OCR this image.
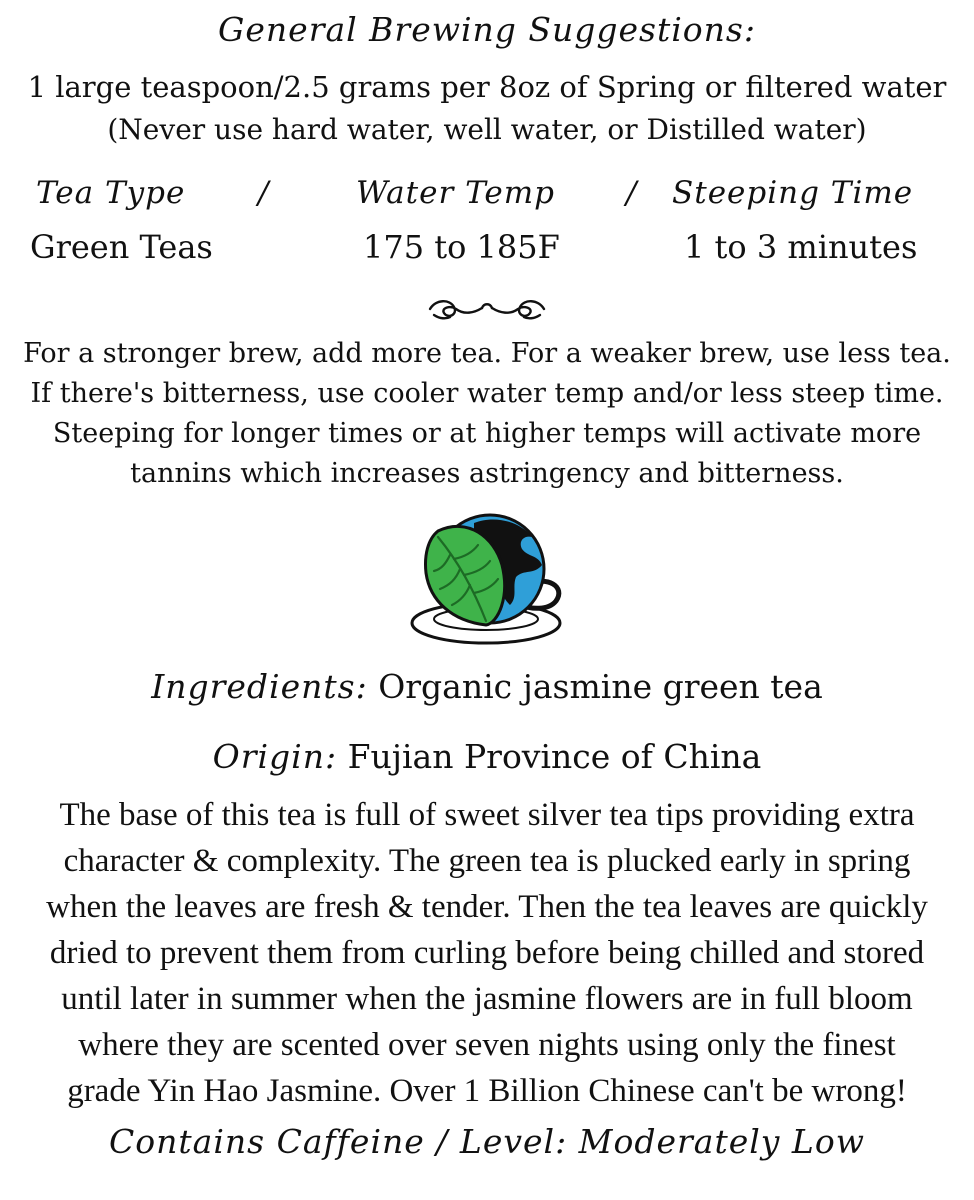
General Brewing Suggestions:
1 large teaspoon/2.5 grams per 8oz of Spring or filtered water
(Never use hard water, well water, or Distilled water)
Tea Type /	Water Temp / Steeping Time
Green Teas	175 to 185F	1 to 3 minutes
For a stronger brew, add more tea. For a weaker brew, use less tea.
If there's bitterness, use cooler water temp and/or less steep time.
Steeping for longer times or at higher temps will activate more
tannins which increases astringency and bitterness.
Ingredients: Organic jasmine green tea
Origin: Fujian Province of China
The base of this tea is full of sweet silver tea tips providing extra
character & complexity. The green tea is plucked early in spring
when the leaves are fresh & tender. Then the tea leaves are quickly
dried to prevent them from curling before being chilled and stored
until later in summer when the jasmine flowers are in full bloom
where they are scented over seven nights using only the finest
grade Yin Hao Jasmine. Over 1 Billion Chinese can't be wrong!
Contains Caffeine / Level: Moderately Low
